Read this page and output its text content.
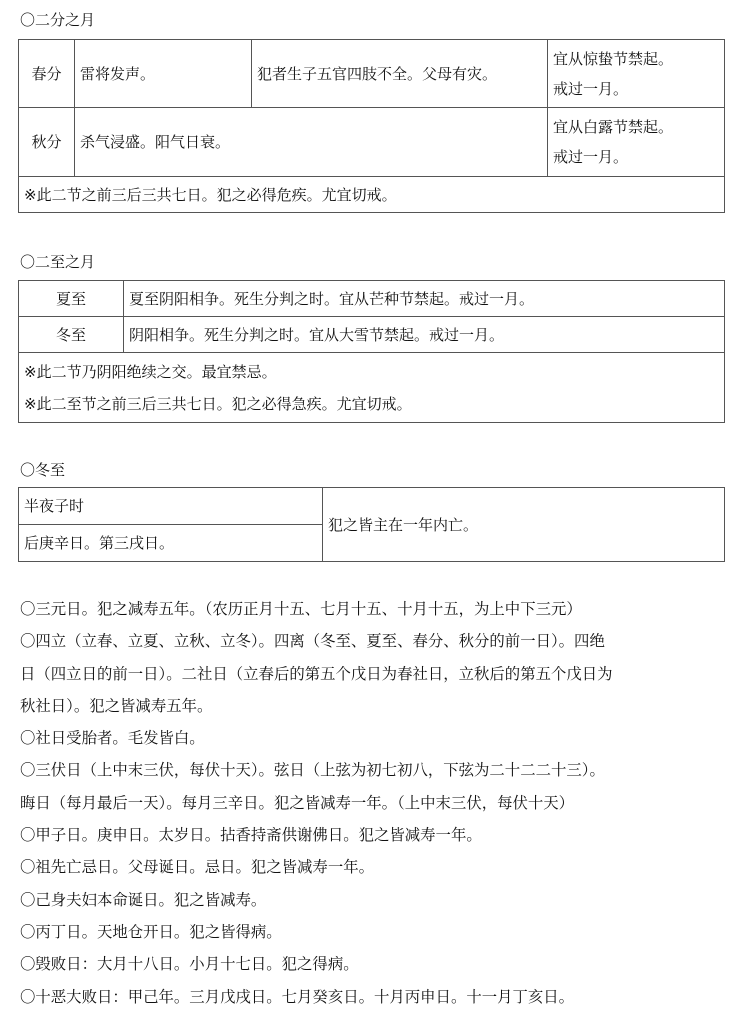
〇二分之月
春分	雷将发声。	犯者生子五官四肢不全。父母有灾。	宜从惊蛰节禁起。
戒过一月。

秋分	杀气浸盛。阳气日衰。		宜从白露节禁起。
戒过一月。

※此二节之前三后三共七日。犯之必得危疾。尤宜切戒。			
〇二至之月
夏至	夏至阴阳相争。死生分判之时。宜从芒种节禁起。戒过一月。
冬至	阴阳相争。死生分判之时。宜从大雪节禁起。戒过一月。

※此二节乃阴阳绝续之交。最宜禁忌。
※此二至节之前三后三共七日。犯之必得急疾。尤宜切戒。	
〇冬至
半夜子时	犯之皆主在一年内亡。
后庚辛日。第三戌日。
〇三元日。犯之减寿五年。（农历正月十五、七月十五、十月十五，为上中下三元）
〇四立（立春、立夏、立秋、立冬）。四离（冬至、夏至、春分、秋分的前一日）。四绝
日（四立日的前一日）。二社日（立春后的第五个戊日为春社日，立秋后的第五个戊日为
秋社日）。犯之皆减寿五年。
〇社日受胎者。毛发皆白。
〇三伏日（上中末三伏，每伏十天）。弦日（上弦为初七初八，下弦为二十二二十三）。
晦日（每月最后一天）。每月三辛日。犯之皆减寿一年。（上中末三伏，每伏十天）
〇甲子日。庚申日。太岁日。拈香持斋供谢佛日。犯之皆减寿一年。
〇祖先亡忌日。父母诞日。忌日。犯之皆减寿一年。
〇己身夫妇本命诞日。犯之皆减寿。
〇丙丁日。天地仓开日。犯之皆得病。
〇毁败日：大月十八日。小月十七日。犯之得病。
〇十恶大败日：甲己年。三月戊戌日。七月癸亥日。十月丙申日。十一月丁亥日。
